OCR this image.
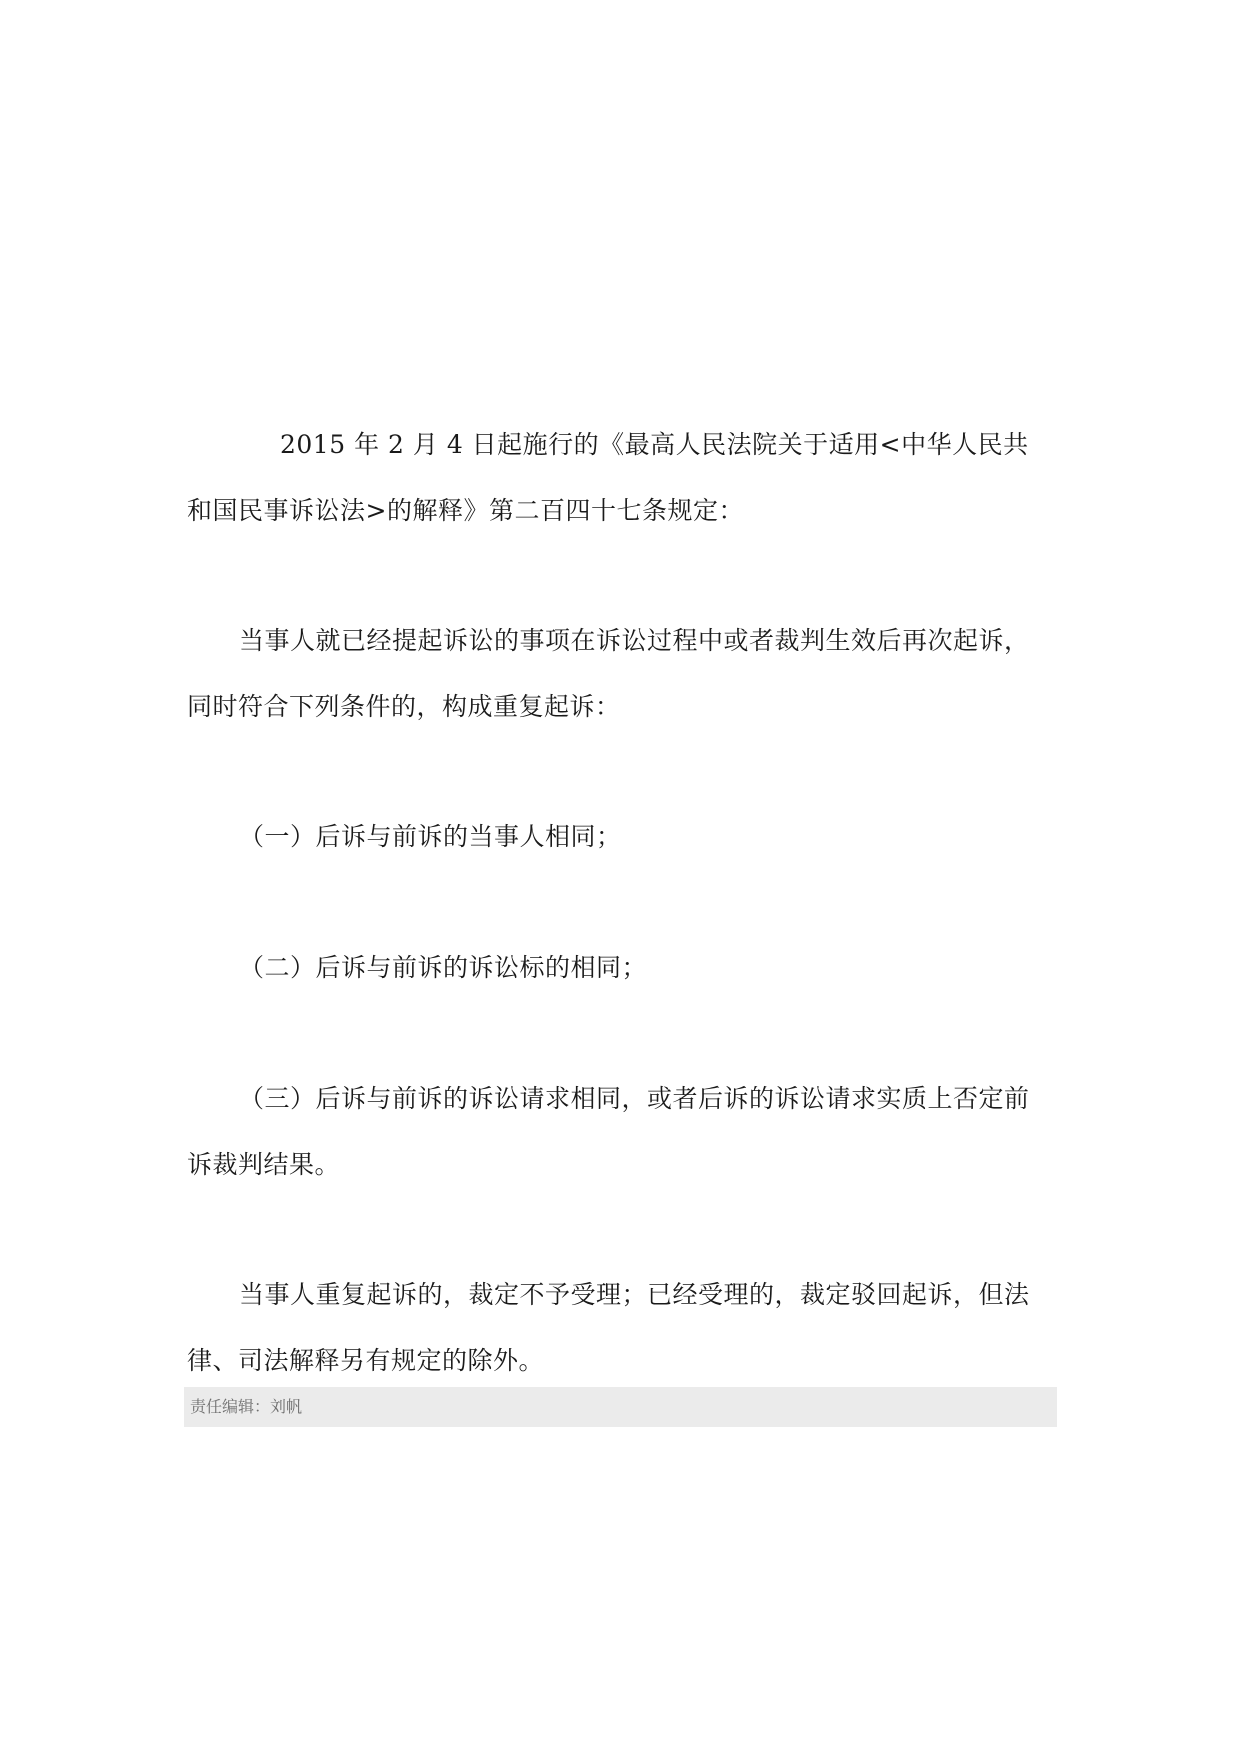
2015 年 2 月 4 日起施行的《最高人民法院关于适用<中华人民共和国民事诉讼法>的解释》第二百四十七条规定：

当事人就已经提起诉讼的事项在诉讼过程中或者裁判生效后再次起诉，同时符合下列条件的，构成重复起诉：

（一）后诉与前诉的当事人相同；

（二）后诉与前诉的诉讼标的相同；

（三）后诉与前诉的诉讼请求相同，或者后诉的诉讼请求实质上否定前诉裁判结果。

当事人重复起诉的，裁定不予受理；已经受理的，裁定驳回起诉，但法律、司法解释另有规定的除外。

责任编辑：刘帆
